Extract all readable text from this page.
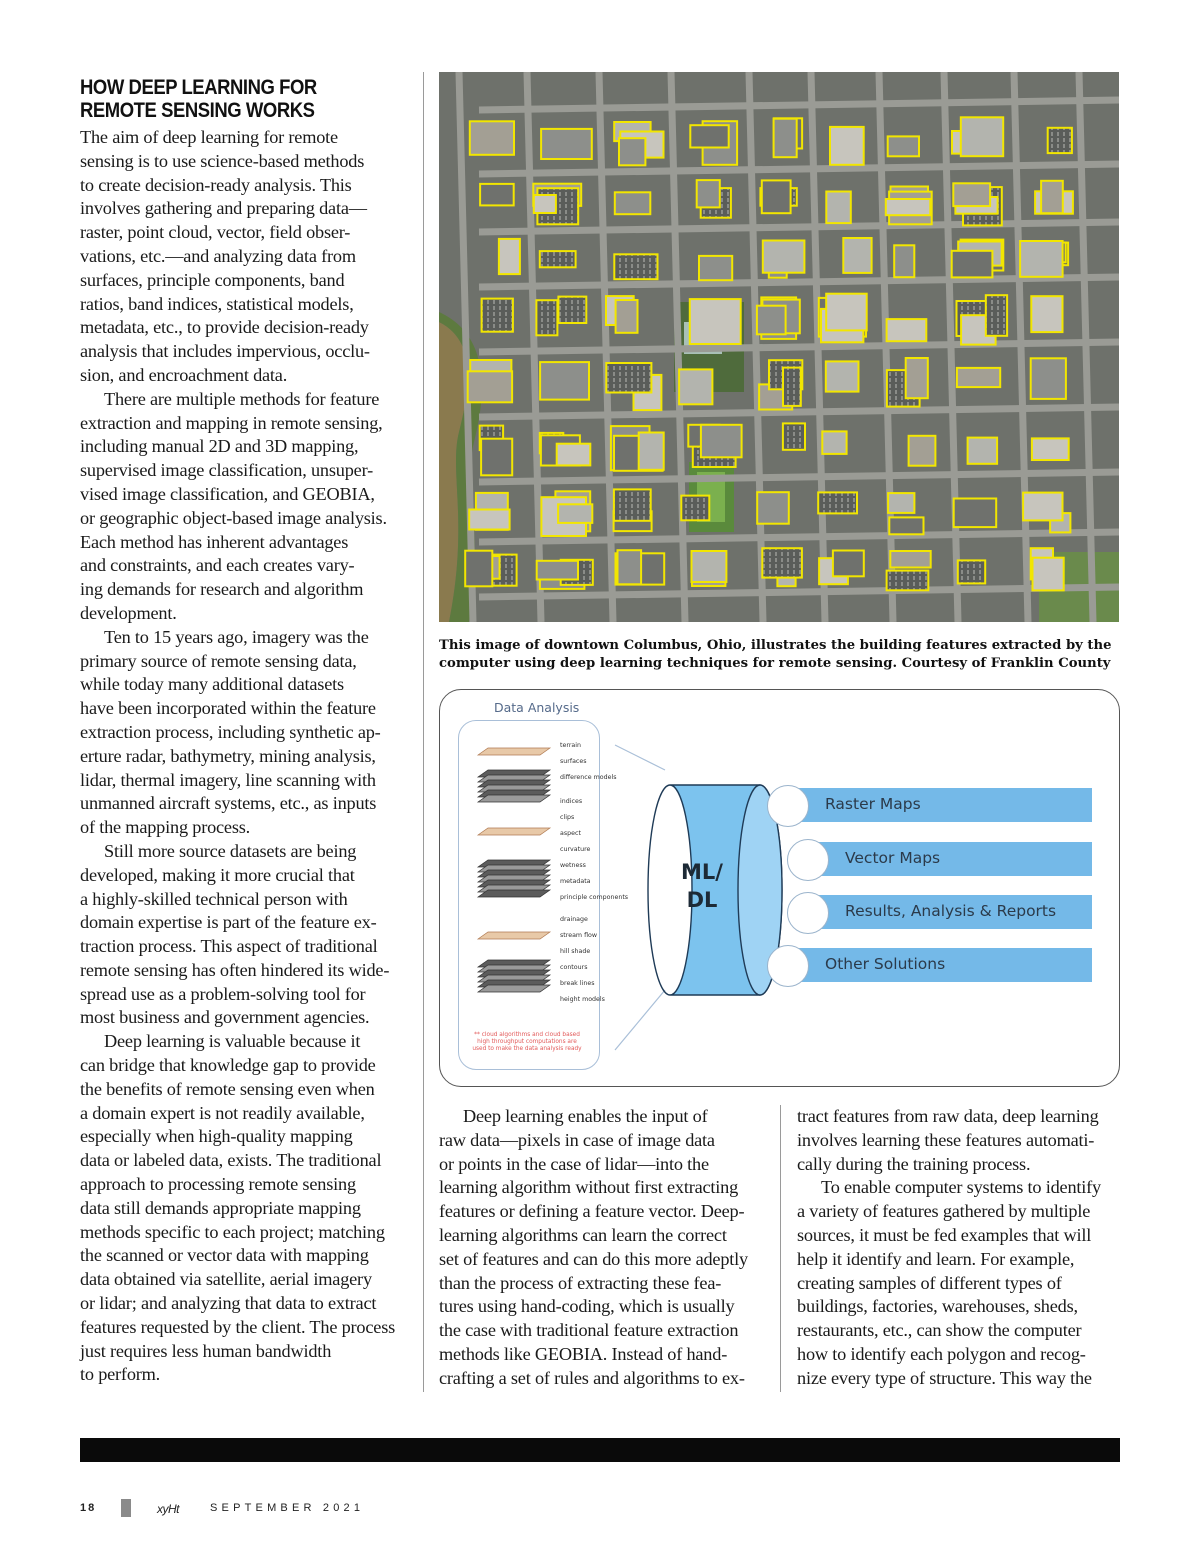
HOW DEEP LEARNING FOR
REMOTE SENSING WORKS
The aim of deep learning for remote
sensing is to use science-based methods
to create decision-ready analysis. This
involves gathering and preparing data—
raster, point cloud, vector, field obser-
vations, etc.—and analyzing data from
surfaces, principle components, band
ratios, band indices, statistical models,
metadata, etc., to provide decision-ready
analysis that includes impervious, occlu-
sion, and encroachment data.
There are multiple methods for feature
extraction and mapping in remote sensing,
including manual 2D and 3D mapping,
supervised image classification, unsuper-
vised image classification, and GEOBIA,
or geographic object-based image analysis.
Each method has inherent advantages
and constraints, and each creates vary-
ing demands for research and algorithm
development.
Ten to 15 years ago, imagery was the
primary source of remote sensing data,
while today many additional datasets
have been incorporated within the feature
extraction process, including synthetic ap-
erture radar, bathymetry, mining analysis,
lidar, thermal imagery, line scanning with
unmanned aircraft systems, etc., as inputs
of the mapping process.
Still more source datasets are being
developed, making it more crucial that
a highly-skilled technical person with
domain expertise is part of the feature ex-
traction process. This aspect of traditional
remote sensing has often hindered its wide-
spread use as a problem-solving tool for
most business and government agencies.
Deep learning is valuable because it
can bridge that knowledge gap to provide
the benefits of remote sensing even when
a domain expert is not readily available,
especially when high-quality mapping
data or labeled data, exists. The traditional
approach to processing remote sensing
data still demands appropriate mapping
methods specific to each project; matching
the scanned or vector data with mapping
data obtained via satellite, aerial imagery
or lidar; and analyzing that data to extract
features requested by the client. The process
just requires less human bandwidth
to perform.
Deep learning enables the input of
raw data—pixels in case of image data
or points in the case of lidar—into the
learning algorithm without first extracting
features or defining a feature vector. Deep-
learning algorithms can learn the correct
set of features and can do this more adeptly
than the process of extracting these fea-
tures using hand-coding, which is usually
the case with traditional feature extraction
methods like GEOBIA. Instead of hand-
crafting a set of rules and algorithms to ex-
tract features from raw data, deep learning
involves learning these features automati-
cally during the training process.
To enable computer systems to identify
a variety of features gathered by multiple
sources, it must be fed examples that will
help it identify and learn. For example,
creating samples of different types of
buildings, factories, warehouses, sheds,
restaurants, etc., can show the computer
how to identify each polygon and recog-
nize every type of structure. This way the
This image of downtown Columbus, Ohio, illustrates the building features extracted by the
computer using deep learning techniques for remote sensing. Courtesy of Franklin County
Data Analysis
ML/
DL
Raster Maps
Vector Maps
Results, Analysis & Reports
Other Solutions
** cloud algorithms and cloud based
high throughput computations are
used to make the data analysis ready
terrain
surfaces
difference models
indices
clips
aspect
curvature
wetness
metadata
principle components
drainage
stream flow
hill shade
contours
break lines
height models
18	xyHt	SEPTEMBER 2021
